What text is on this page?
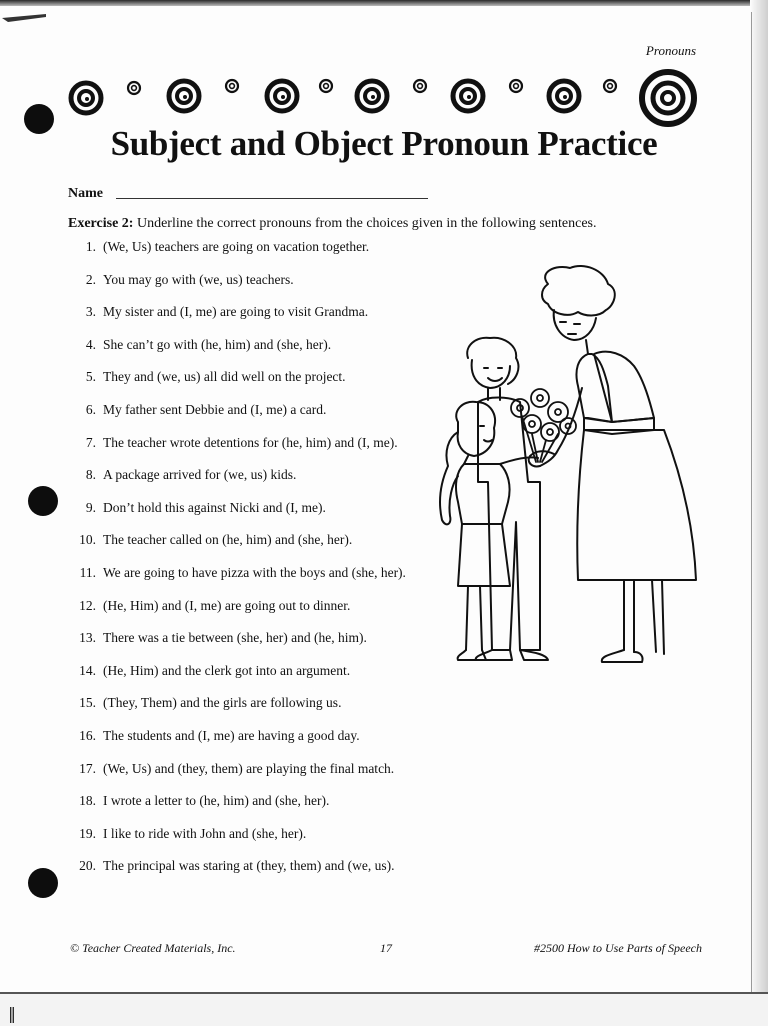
Pronouns
Subject and Object Pronoun Practice
Name
Exercise 2: Underline the correct pronouns from the choices given in the following sentences.
1. (We, Us) teachers are going on vacation together.
2. You may go with (we, us) teachers.
3. My sister and (I, me) are going to visit Grandma.
4. She can’t go with (he, him) and (she, her).
5. They and (we, us) all did well on the project.
6. My father sent Debbie and (I, me) a card.
7. The teacher wrote detentions for (he, him) and (I, me).
8. A package arrived for (we, us) kids.
9. Don’t hold this against Nicki and (I, me).
10. The teacher called on (he, him) and (she, her).
11. We are going to have pizza with the boys and (she, her).
12. (He, Him) and (I, me) are going out to dinner.
13. There was a tie between (she, her) and (he, him).
14. (He, Him) and the clerk got into an argument.
15. (They, Them) and the girls are following us.
16. The students and (I, me) are having a good day.
17. (We, Us) and (they, them) are playing the final match.
18. I wrote a letter to (he, him) and (she, her).
19. I like to ride with John and (she, her).
20. The principal was staring at (they, them) and (we, us).
© Teacher Created Materials, Inc.	17	#2500 How to Use Parts of Speech
‖
